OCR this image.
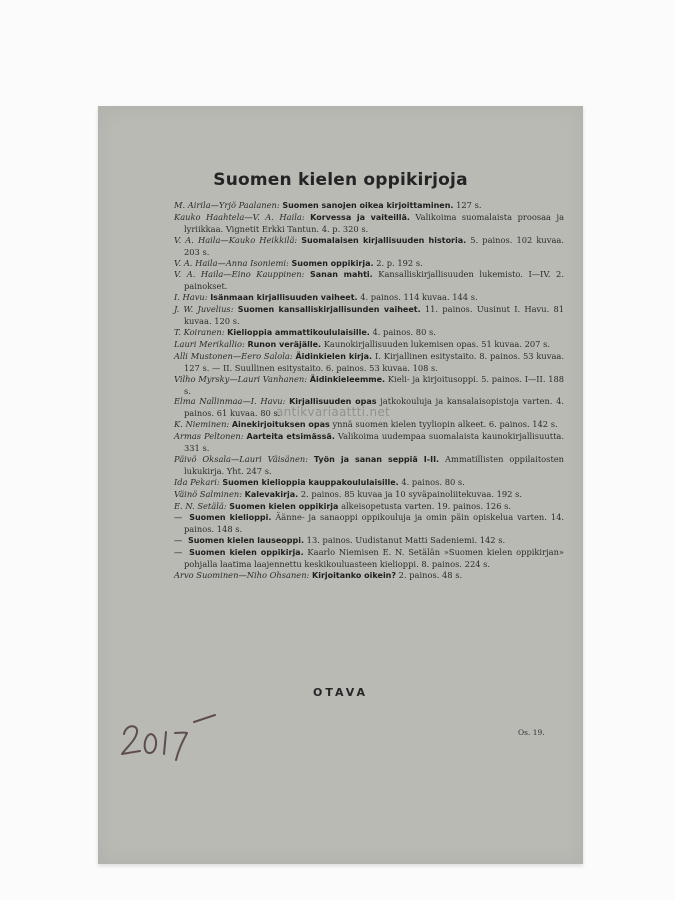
Suomen kielen oppikirjoja
M. Airila—Yrjö Paalanen: Suomen sanojen oikea kirjoittaminen. 127 s.
Kauko Haahtela—V. A. Haila: Korvessa ja vaiteillä. Valikoima suomalaista proosaa ja lyriikkaa. Vignetit Erkki Tantun. 4. p. 320 s.
V. A. Haila—Kauko Heikkilä: Suomalaisen kirjallisuuden historia. 5. painos. 102 kuvaa. 203 s.
V. A. Haila—Anna Isoniemi: Suomen oppikirja. 2. p. 192 s.
V. A. Haila—Eino Kauppinen: Sanan mahti. Kansalliskirjallisuuden lukemisto. I—IV. 2. painokset.
I. Havu: Isänmaan kirjallisuuden vaiheet. 4. painos. 114 kuvaa. 144 s.
J. W. Juvelius: Suomen kansalliskirjallisunden vaiheet. 11. painos. Uusinut I. Havu. 81 kuvaa. 120 s.
T. Koiranen: Kielioppia ammattikoululaisille. 4. painos. 80 s.
Lauri Merikallio: Runon veräjälle. Kaunokirjallisuuden lukemisen opas. 51 kuvaa. 207 s.
Alli Mustonen—Eero Salola: Äidinkielen kirja. I. Kirjallinen esitystaito. 8. painos. 53 kuvaa. 127 s. — II. Suullinen esitystaito. 6. painos. 53 kuvaa. 108 s.
Vilho Myrsky—Lauri Vanhanen: Äidinkieleemme. Kieli- ja kirjoitusoppi. 5. painos. I—II. 188 s.
Elma Nallinmaa—I. Havu: Kirjallisuuden opas jatkokouluja ja kansalaisopistoja varten. 4. painos. 61 kuvaa. 80 s.
K. Nieminen: Ainekirjoituksen opas ynnä suomen kielen tyyliopin alkeet. 6. painos. 142 s.
Armas Peltonen: Aarteita etsimässä. Valikoima uudempaa suomalaista kaunokirjallisuutta. 331 s.
Päivö Oksala—Lauri Väisänen: Työn ja sanan seppiä I-II. Ammatillisten oppilaitosten lukukirja. Yht. 247 s.
Ida Pekari: Suomen kielioppia kauppakoululaisille. 4. painos. 80 s.
Väinö Salminen: Kalevakirja. 2. painos. 85 kuvaa ja 10 syväpainoliitekuvaa. 192 s.
E. N. Setälä: Suomen kielen oppikirja alkeisopetusta varten. 19. painos. 126 s.
— Suomen kielioppi. Äänne- ja sanaoppi oppikouluja ja omin päin opiskelua varten. 14. painos. 148 s.
— Suomen kielen lauseoppi. 13. painos. Uudistanut Matti Sadeniemi. 142 s.
— Suomen kielen oppikirja. Kaarlo Niemisen E. N. Setälän »Suomen kielen oppikirjan» pohjalla laatima laajennettu keskikouluasteen kielioppi. 8. painos. 224 s.
Arvo Suominen—Niho Ohsanen: Kirjoitanko oikein? 2. painos. 48 s.
antikvariaattti.net
OTAVA
Os. 19.
